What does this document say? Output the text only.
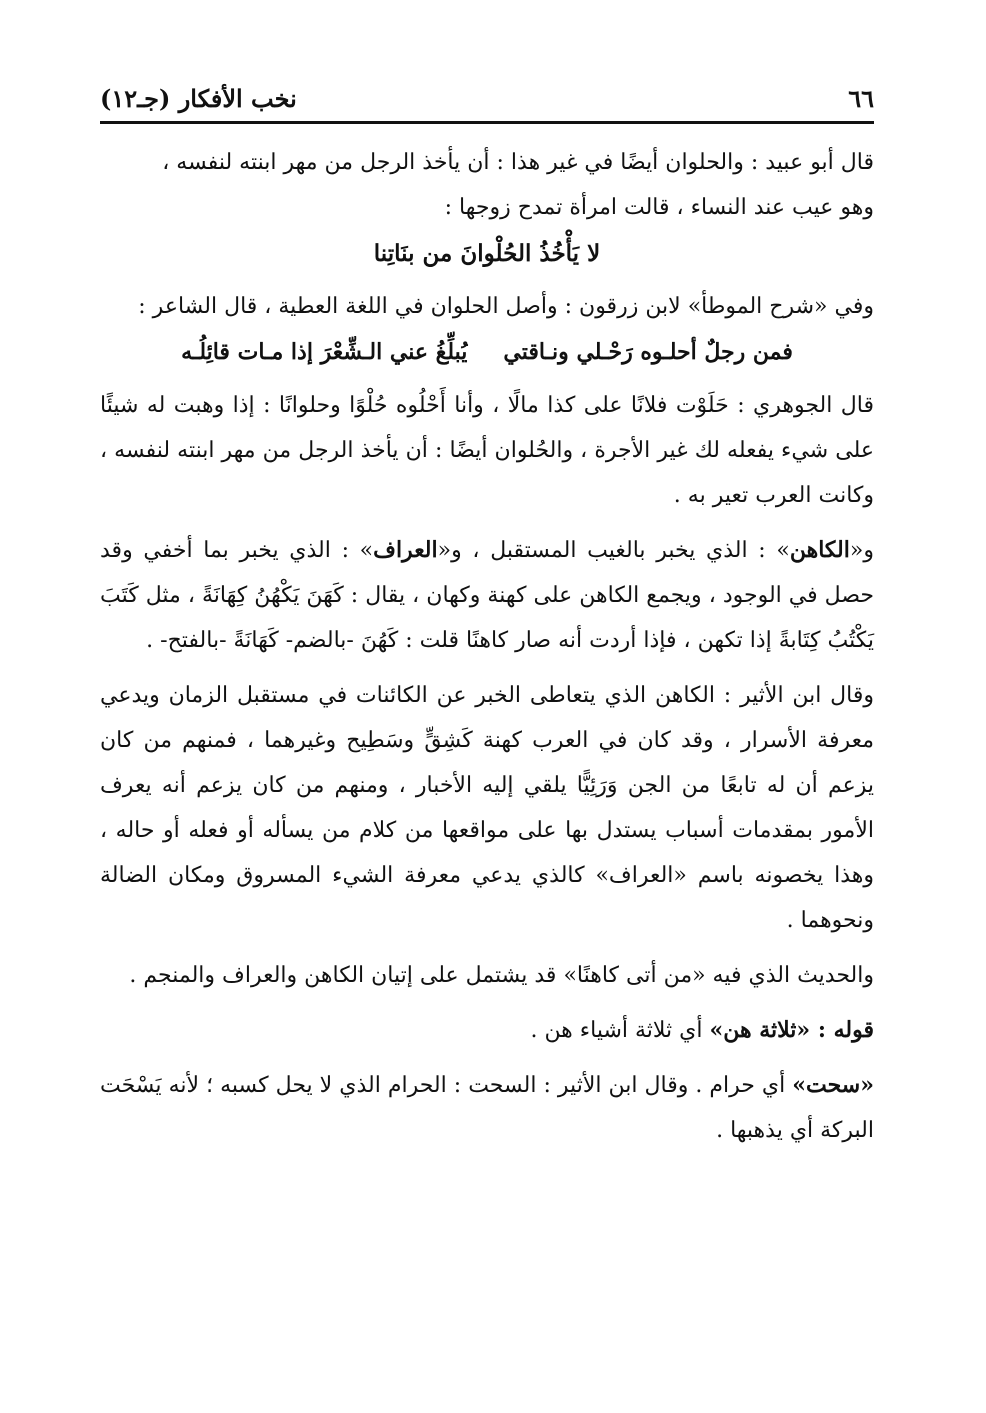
٦٦
نخب الأفكار (جـ١٢)
قال أبو عبيد : والحلوان أيضًا في غير هذا : أن يأخذ الرجل من مهر ابنته لنفسه ،
وهو عيب عند النساء ، قالت امرأة تمدح زوجها :
لا يَأْخُذُ الحُلْوانَ من بنَاتِنا
وفي «شرح الموطأ» لابن زرقون : وأصل الحلوان في اللغة العطية ، قال الشاعر :
فمن رجلٌ أحلـوه رَحْـلي ونـاقتي
يُبلِّغُ عني الـشِّعْرَ إذا مـات قائِلُـه

قال الجوهري : حَلَوْت فلانًا على كذا مالًا ، وأنا أَحْلُوه حُلْوًا وحلوانًا : إذا وهبت له شيئًا على شيء يفعله لك غير الأجرة ، والحُلوان أيضًا : أن يأخذ الرجل من مهر ابنته لنفسه ، وكانت العرب تعير به .

و«الكاهن» : الذي يخبر بالغيب المستقبل ، و«العراف» : الذي يخبر بما أخفي وقد حصل في الوجود ، ويجمع الكاهن على كهنة وكهان ، يقال : كَهَنَ يَكْهُنُ كِهَانَةً ، مثل كَتَبَ يَكْتُبُ كِتَابةً إذا تكهن ، فإذا أردت أنه صار كاهنًا قلت : كَهُنَ -بالضم- كَهَانَةً -بالفتح- .

وقال ابن الأثير : الكاهن الذي يتعاطى الخبر عن الكائنات في مستقبل الزمان ويدعي معرفة الأسرار ، وقد كان في العرب كهنة كَشِقٍّ وسَطِيح وغيرهما ، فمنهم من كان يزعم أن له تابعًا من الجن وَرَئِيًّا يلقي إليه الأخبار ، ومنهم من كان يزعم أنه يعرف الأمور بمقدمات أسباب يستدل بها على مواقعها من كلام من يسأله أو فعله أو حاله ، وهذا يخصونه باسم «العراف» كالذي يدعي معرفة الشيء المسروق ومكان الضالة ونحوهما .

والحديث الذي فيه «من أتى كاهنًا» قد يشتمل على إتيان الكاهن والعراف والمنجم .

قوله : «ثلاثة هن» أي ثلاثة أشياء هن .

«سحت» أي حرام . وقال ابن الأثير : السحت : الحرام الذي لا يحل كسبه ؛ لأنه يَسْحَت البركة أي يذهبها .
